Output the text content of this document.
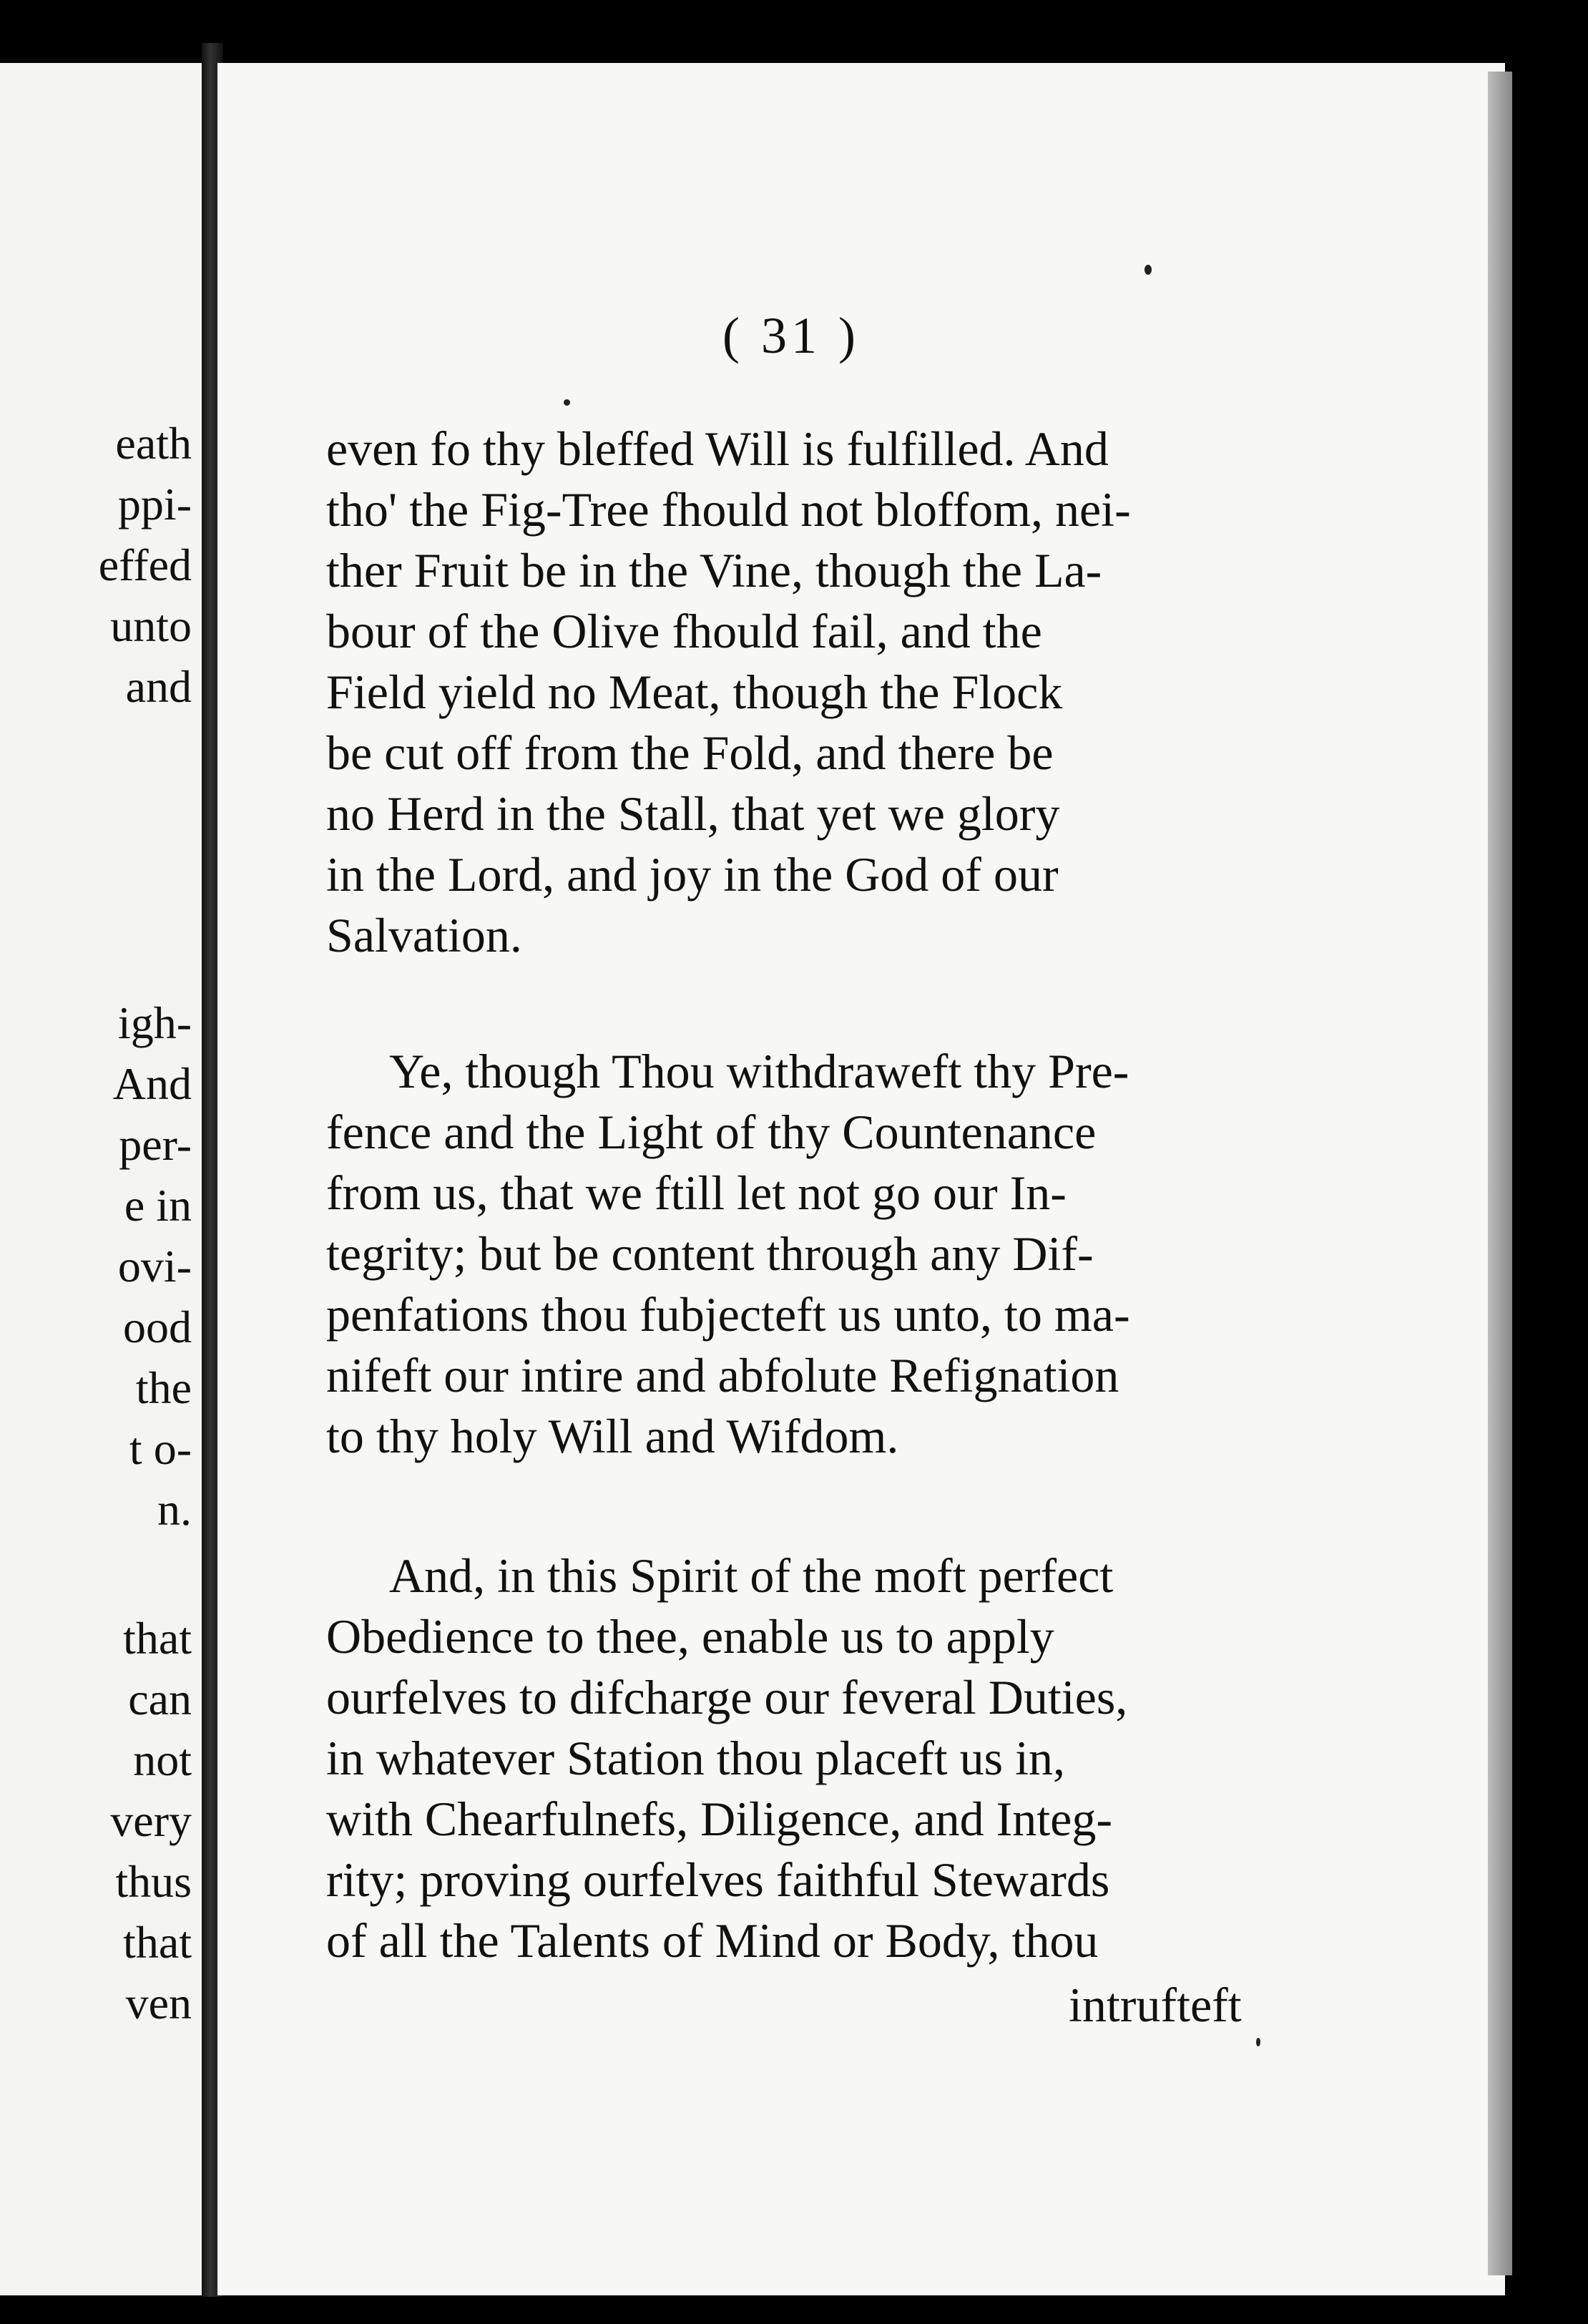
eath
ppi-
effed
unto
and
igh-
And
per-
e in
ovi-
ood
the
t o-
n.
that
can
not
very
thus
that
ven
( 31 )
even fo thy bleffed Will is fulfilled. And
tho' the Fig-Tree fhould not bloffom, nei-
ther Fruit be in the Vine, though the La-
bour of the Olive fhould fail, and the
Field yield no Meat, though the Flock
be cut off from the Fold, and there be
no Herd in the Stall, that yet we glory
in the Lord, and joy in the God of our
Salvation.
Ye, though Thou withdraweft thy Pre-
fence and the Light of thy Countenance
from us, that we ftill let not go our In-
tegrity; but be content through any Dif-
penfations thou fubjecteft us unto, to ma-
nifeft our intire and abfolute Refignation
to thy holy Will and Wifdom.
And, in this Spirit of the moft perfect
Obedience to thee, enable us to apply
ourfelves to difcharge our feveral Duties,
in whatever Station thou placeft us in,
with Chearfulnefs, Diligence, and Integ-
rity; proving ourfelves faithful Stewards
of all the Talents of Mind or Body, thou
intrufteft
